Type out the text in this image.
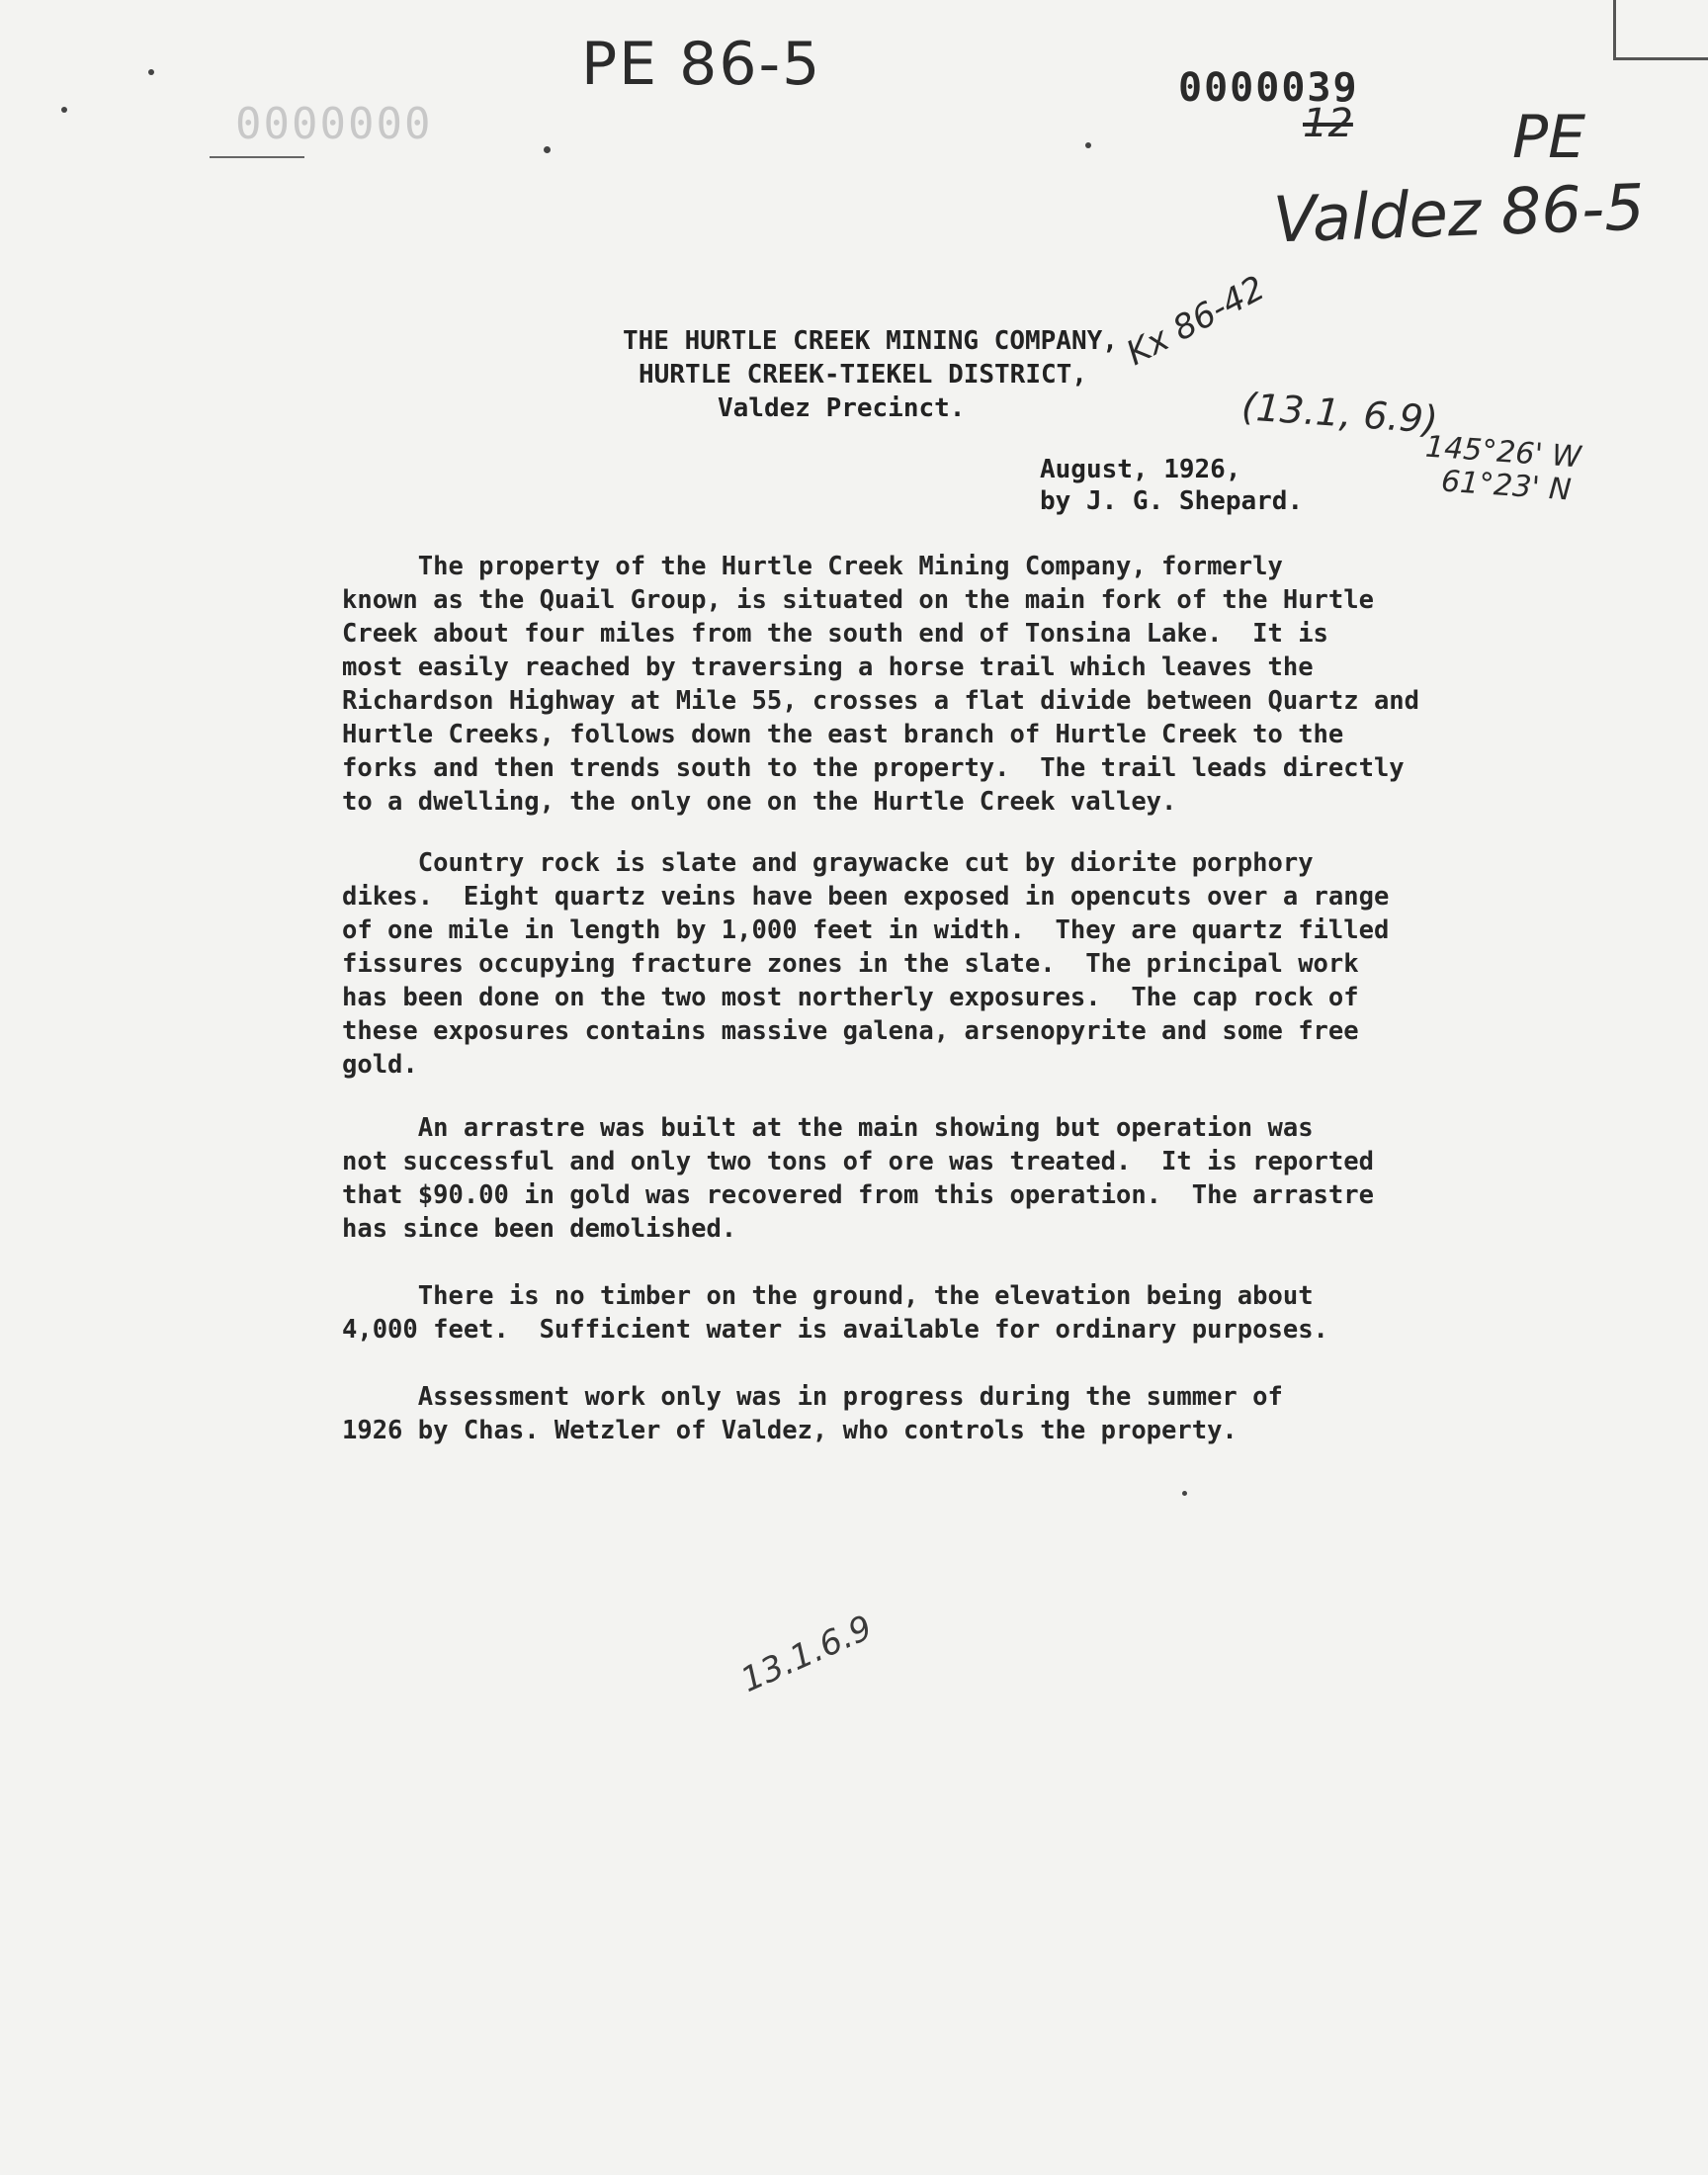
PE 86-5
0000000
0000039
12	PE
Valdez 86-5
Kx 86-42
(13.1, 6.9)
145°26' W
61°23' N
13.1.6.9
THE HURTLE CREEK MINING COMPANY,
HURTLE CREEK-TIEKEL DISTRICT,
Valdez Precinct.
August, 1926,
by J. G. Shepard.
The property of the Hurtle Creek Mining Company, formerly
known as the Quail Group, is situated on the main fork of the Hurtle
Creek about four miles from the south end of Tonsina Lake.  It is
most easily reached by traversing a horse trail which leaves the
Richardson Highway at Mile 55, crosses a flat divide between Quartz and
Hurtle Creeks, follows down the east branch of Hurtle Creek to the
forks and then trends south to the property.  The trail leads directly
to a dwelling, the only one on the Hurtle Creek valley.
Country rock is slate and graywacke cut by diorite porphory
dikes.  Eight quartz veins have been exposed in opencuts over a range
of one mile in length by 1,000 feet in width.  They are quartz filled
fissures occupying fracture zones in the slate.  The principal work
has been done on the two most northerly exposures.  The cap rock of
these exposures contains massive galena, arsenopyrite and some free
gold.
An arrastre was built at the main showing but operation was
not successful and only two tons of ore was treated.  It is reported
that $90.00 in gold was recovered from this operation.  The arrastre
has since been demolished.
There is no timber on the ground, the elevation being about
4,000 feet.  Sufficient water is available for ordinary purposes.
Assessment work only was in progress during the summer of
1926 by Chas. Wetzler of Valdez, who controls the property.
